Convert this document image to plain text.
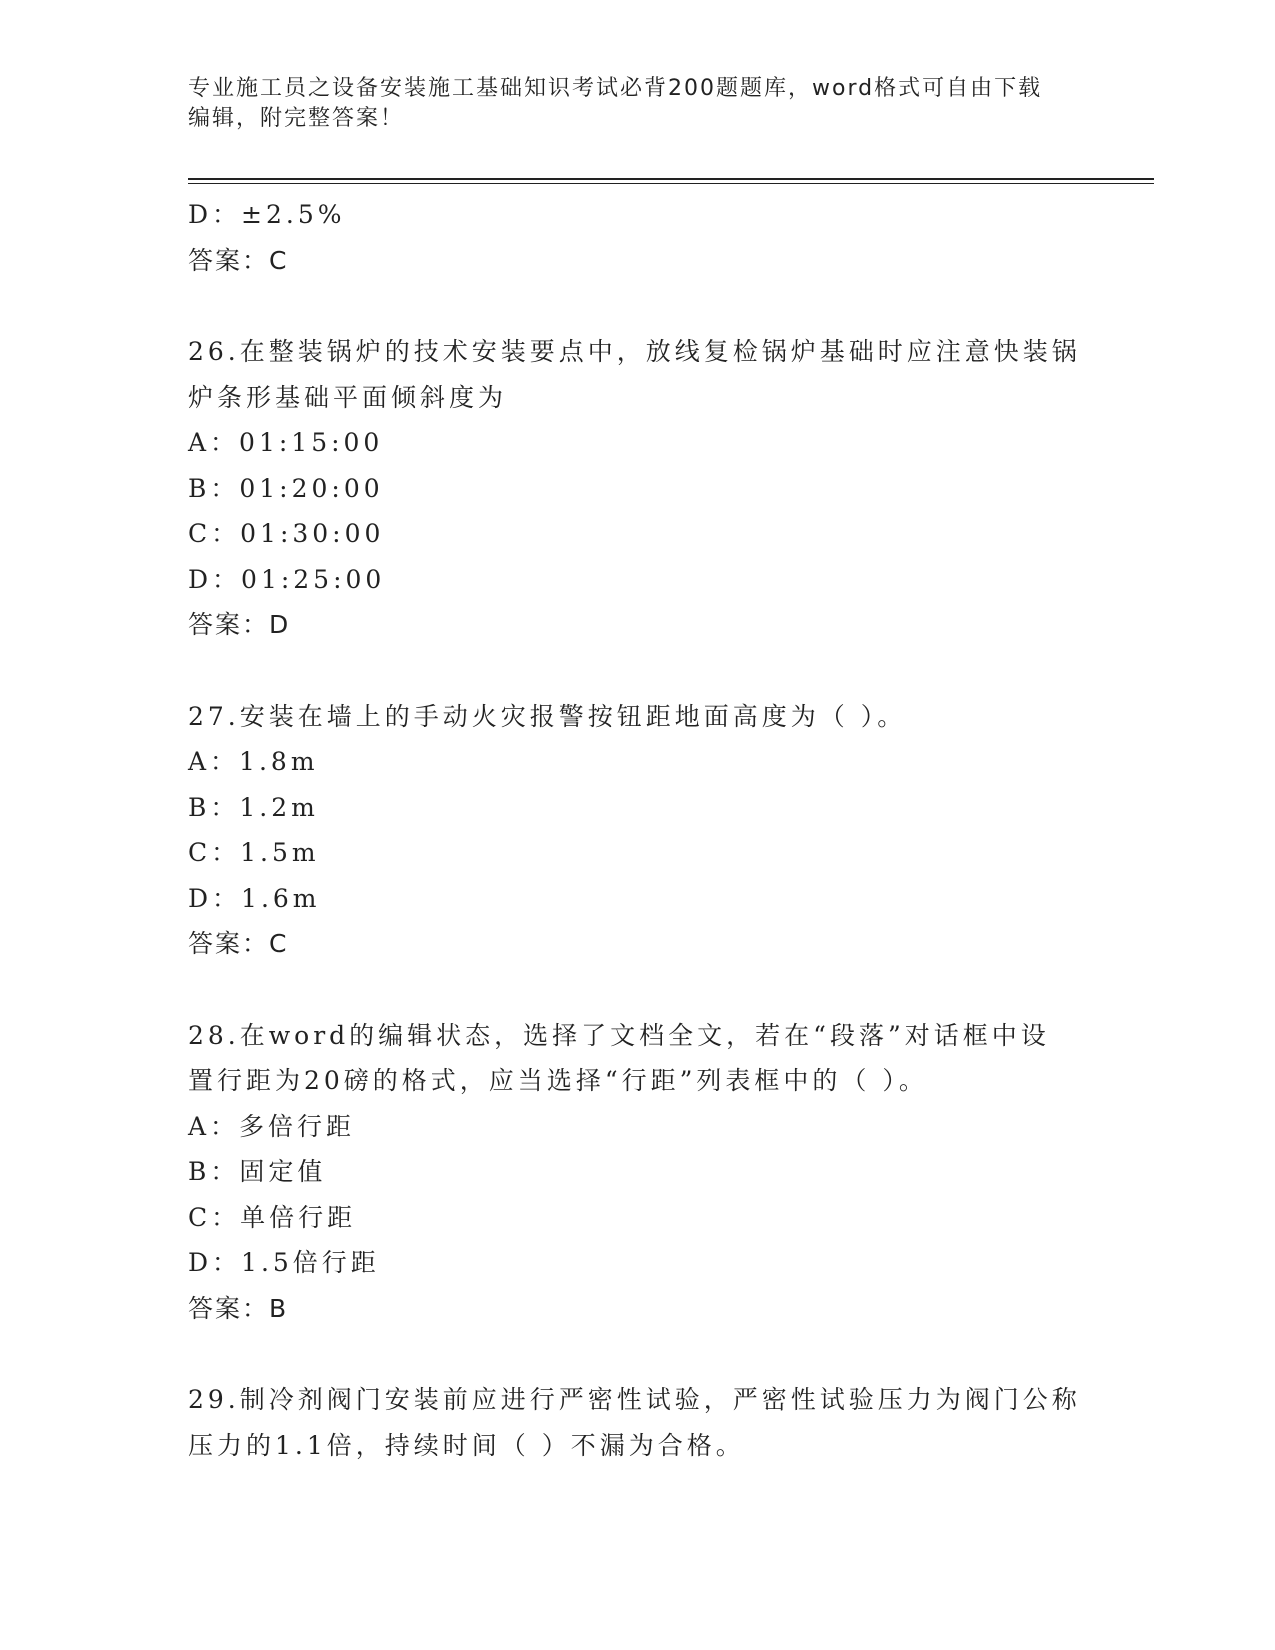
专业施工员之设备安装施工基础知识考试必背200题题库，word格式可自由下载
编辑，附完整答案！
D：±2.5%
答案：C
26.在整装锅炉的技术安装要点中，放线复检锅炉基础时应注意快装锅
炉条形基础平面倾斜度为
A：01:15:00
B：01:20:00
C：01:30:00
D：01:25:00
答案：D
27.安装在墙上的手动火灾报警按钮距地面高度为（ ）。
A：1.8m
B：1.2m
C：1.5m
D：1.6m
答案：C
28.在word的编辑状态，选择了文档全文，若在“段落”对话框中设
置行距为20磅的格式，应当选择“行距”列表框中的（ ）。
A：多倍行距
B：固定值
C：单倍行距
D：1.5倍行距
答案：B
29.制冷剂阀门安装前应进行严密性试验，严密性试验压力为阀门公称
压力的1.1倍，持续时间（ ）不漏为合格。
